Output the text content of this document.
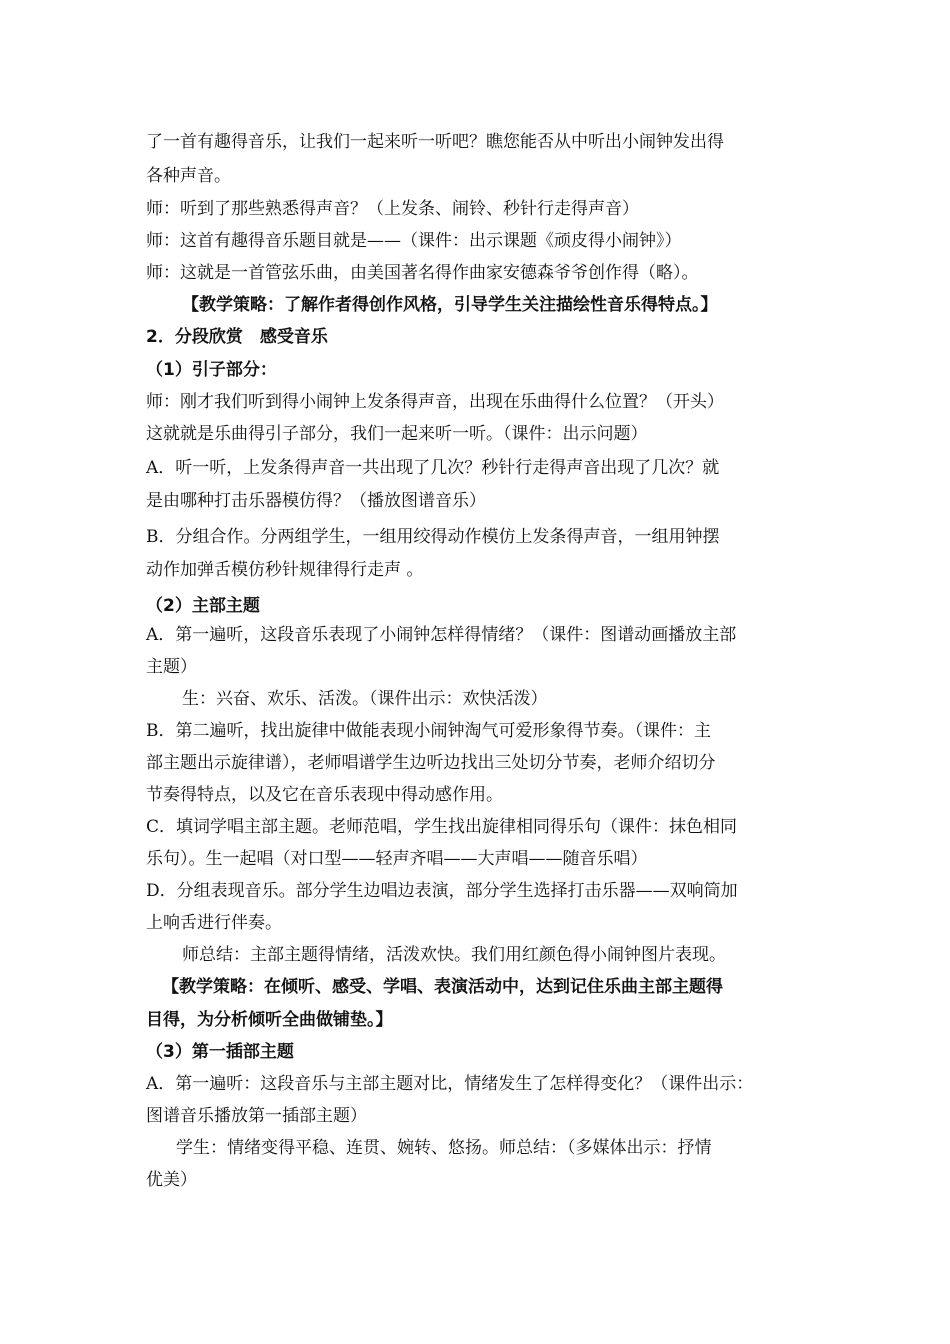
了一首有趣得音乐，让我们一起来听一听吧？瞧您能否从中听出小闹钟发出得
各种声音。
师：听到了那些熟悉得声音？（上发条、闹铃、秒针行走得声音）
师：这首有趣得音乐题目就是——（课件：出示课题《顽皮得小闹钟》）
师：这就是一首管弦乐曲，由美国著名得作曲家安德森爷爷创作得（略）。
【教学策略：了解作者得创作风格，引导学生关注描绘性音乐得特点。】
2．分段欣赏　感受音乐
（1）引子部分：
师：刚才我们听到得小闹钟上发条得声音，出现在乐曲得什么位置？（开头）
这就就是乐曲得引子部分，我们一起来听一听。（课件：出示问题）
A．听一听，上发条得声音一共出现了几次？秒针行走得声音出现了几次？就
是由哪种打击乐器模仿得？（播放图谱音乐）
B．分组合作。分两组学生，一组用绞得动作模仿上发条得声音，一组用钟摆
动作加弹舌模仿秒针规律得行走声 。
（2）主部主题
A．第一遍听，这段音乐表现了小闹钟怎样得情绪？（课件：图谱动画播放主部
主题）
生：兴奋、欢乐、活泼。（课件出示：欢快活泼）
B．第二遍听，找出旋律中做能表现小闹钟淘气可爱形象得节奏。（课件：主
部主题出示旋律谱），老师唱谱学生边听边找出三处切分节奏，老师介绍切分
节奏得特点，以及它在音乐表现中得动感作用。
C．填词学唱主部主题。老师范唱，学生找出旋律相同得乐句（课件：抹色相同
乐句）。生一起唱（对口型——轻声齐唱——大声唱——随音乐唱）
D．分组表现音乐。部分学生边唱边表演，部分学生选择打击乐器——双响筒加
上响舌进行伴奏。
师总结：主部主题得情绪，活泼欢快。我们用红颜色得小闹钟图片表现。
【教学策略：在倾听、感受、学唱、表演活动中，达到记住乐曲主部主题得
目得，为分析倾听全曲做铺垫。】
（3）第一插部主题
A．第一遍听：这段音乐与主部主题对比，情绪发生了怎样得变化？（课件出示：
图谱音乐播放第一插部主题）
学生：情绪变得平稳、连贯、婉转、悠扬。师总结：（多媒体出示：抒情
优美）
